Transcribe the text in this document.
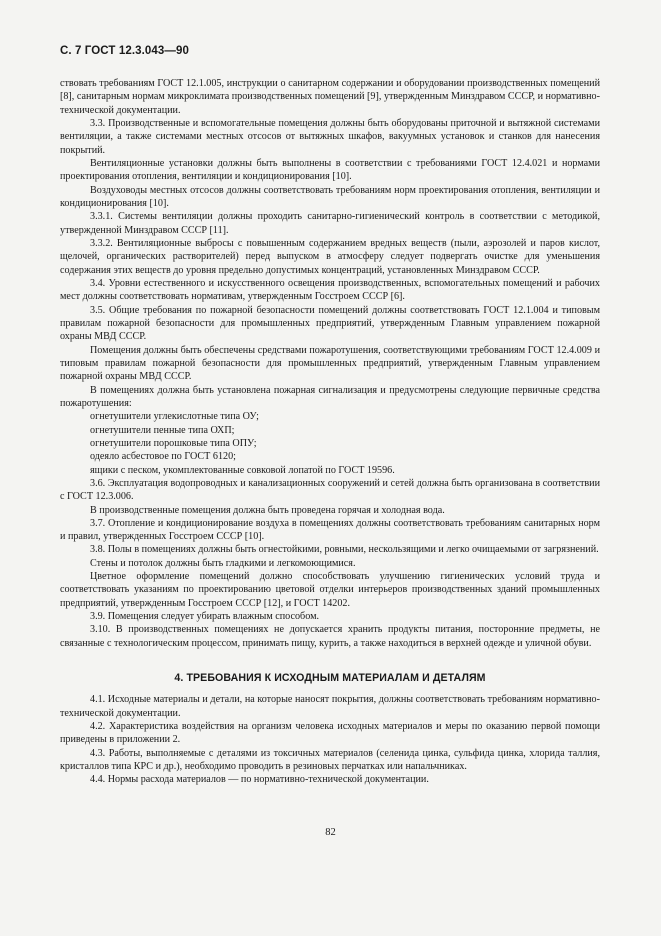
С. 7 ГОСТ 12.3.043—90

ствовать требованиям ГОСТ 12.1.005, инструкции о санитарном содержании и оборудовании производственных помещений [8], санитарным нормам микроклимата производственных помещений [9], утвержденным Минздравом СССР, и нормативно-технической документации.

3.3. Производственные и вспомогательные помещения должны быть оборудованы приточной и вытяжной системами вентиляции, а также системами местных отсосов от вытяжных шкафов, вакуумных установок и станков для нанесения покрытий.

Вентиляционные установки должны быть выполнены в соответствии с требованиями ГОСТ 12.4.021 и нормами проектирования отопления, вентиляции и кондиционирования [10].

Воздуховоды местных отсосов должны соответствовать требованиям норм проектирования отопления, вентиляции и кондиционирования [10].

3.3.1. Системы вентиляции должны проходить санитарно-гигиенический контроль в соответствии с методикой, утвержденной Минздравом СССР [11].

3.3.2. Вентиляционные выбросы с повышенным содержанием вредных веществ (пыли, аэрозолей и паров кислот, щелочей, органических растворителей) перед выпуском в атмосферу следует подвергать очистке для уменьшения содержания этих веществ до уровня предельно допустимых концентраций, установленных Минздравом СССР.

3.4. Уровни естественного и искусственного освещения производственных, вспомогательных помещений и рабочих мест должны соответствовать нормативам, утвержденным Госстроем СССР [6].

3.5. Общие требования по пожарной безопасности помещений должны соответствовать ГОСТ 12.1.004 и типовым правилам пожарной безопасности для промышленных предприятий, утвержденным Главным управлением пожарной охраны МВД СССР.

Помещения должны быть обеспечены средствами пожаротушения, соответствующими требованиям ГОСТ 12.4.009 и типовым правилам пожарной безопасности для промышленных предприятий, утвержденным Главным управлением пожарной охраны МВД СССР.

В помещениях должна быть установлена пожарная сигнализация и предусмотрены следующие первичные средства пожаротушения:

огнетушители углекислотные типа ОУ;

огнетушители пенные типа ОХП;

огнетушители порошковые типа ОПУ;

одеяло асбестовое по ГОСТ 6120;

ящики с песком, укомплектованные совковой лопатой по ГОСТ 19596.

3.6. Эксплуатация водопроводных и канализационных сооружений и сетей должна быть организована в соответствии с ГОСТ 12.3.006.

В производственные помещения должна быть проведена горячая и холодная вода.

3.7. Отопление и кондиционирование воздуха в помещениях должны соответствовать требованиям санитарных норм и правил, утвержденных Госстроем СССР [10].

3.8. Полы в помещениях должны быть огнестойкими, ровными, нескользящими и легко очищаемыми от загрязнений.

Стены и потолок должны быть гладкими и легкомоющимися.

Цветное оформление помещений должно способствовать улучшению гигиенических условий труда и соответствовать указаниям по проектированию цветовой отделки интерьеров производственных зданий промышленных предприятий, утвержденным Госстроем СССР [12], и ГОСТ 14202.

3.9. Помещения следует убирать влажным способом.

3.10. В производственных помещениях не допускается хранить продукты питания, посторонние предметы, не связанные с технологическим процессом, принимать пищу, курить, а также находиться в верхней одежде и уличной обуви.

4. ТРЕБОВАНИЯ К ИСХОДНЫМ МАТЕРИАЛАМ И ДЕТАЛЯМ

4.1. Исходные материалы и детали, на которые наносят покрытия, должны соответствовать требованиям нормативно-технической документации.

4.2. Характеристика воздействия на организм человека исходных материалов и меры по оказанию первой помощи приведены в приложении 2.

4.3. Работы, выполняемые с деталями из токсичных материалов (селенида цинка, сульфида цинка, хлорида таллия, кристаллов типа КРС и др.), необходимо проводить в резиновых перчатках или напальчниках.

4.4. Нормы расхода материалов — по нормативно-технической документации.

82
